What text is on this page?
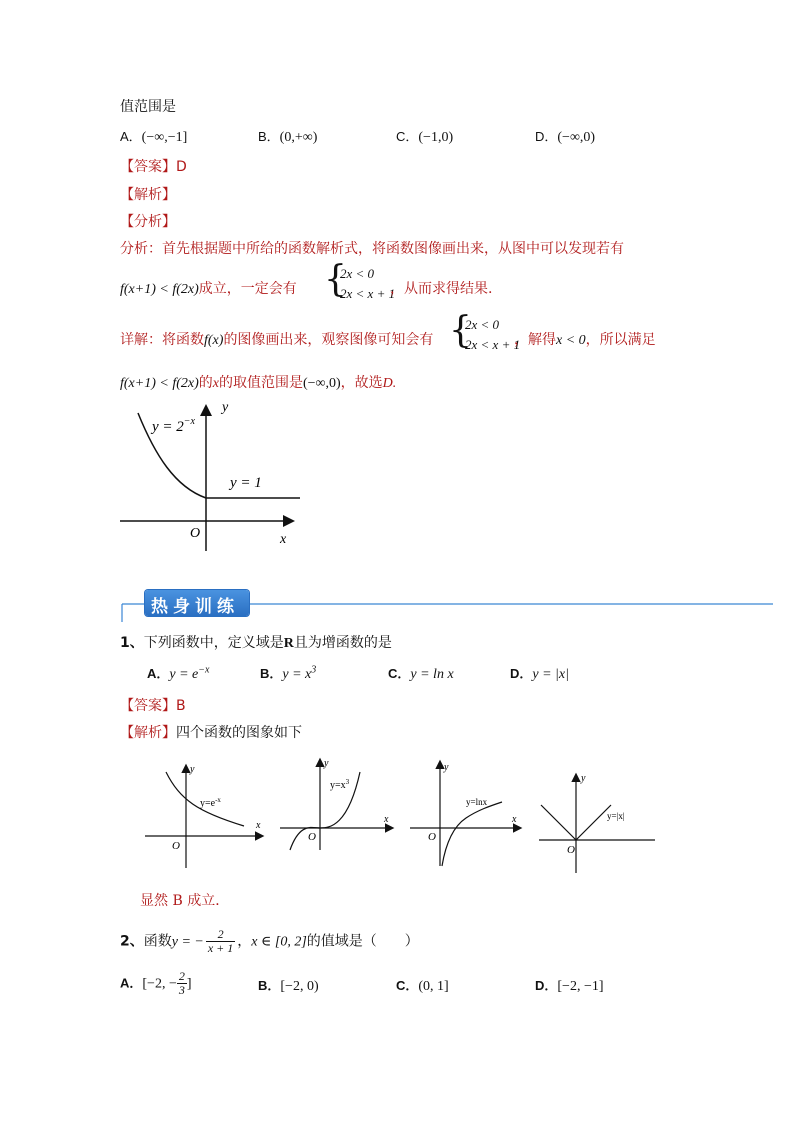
值范围是
A．(−∞,−1]	B．(0,+∞)	C．(−1,0)	D．(−∞,0)
【答案】D
【解析】
【分析】
分析：首先根据题中所给的函数解析式，将函数图像画出来，从图中可以发现若有
f(x+1) < f(2x)成立，一定会有 {
2x < 0
2x < x + 1
，从而求得结果.
详解：将函数f(x)的图像画出来，观察图像可知会有 {
2x < 0
2x < x + 1
，解得x < 0，所以满足
f(x+1) < f(2x)的x的取值范围是(−∞,0)，故选D.
$y = 2^{-x}$
y = 1
y
x
O
热身训练
1、下列函数中，定义域是R且为增函数的是
A．$y = e^{-x}$	B．$y = x^3$	C．y = ln x	D．y = |x|
【答案】B
【解析】四个函数的图象如下
$y=e^{-x}$
x
y
O
$y=x^3$
x
y
O
y=lnx
x
y
O
y=|x|
y
O
显然 B 成立．
2、函数y = − $\frac{2}{x + 1}$ ，x ∈ [0, 2]的值域是（　　）
A．[−2, − $\frac{2}{3}$ ]	B．[−2, 0)	C．(0, 1]	D．[−2, −1]
